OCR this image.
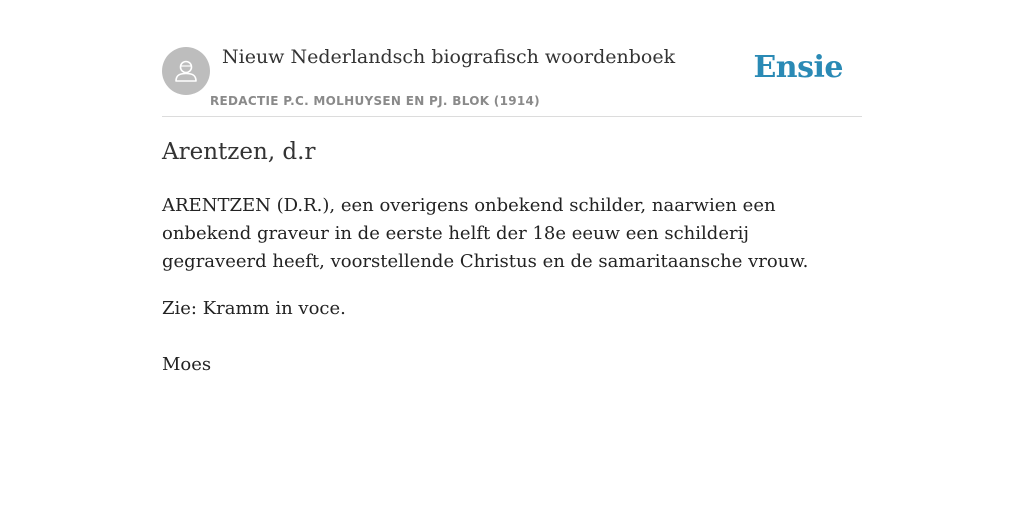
Nieuw Nederlandsch biografisch woordenboek
REDACTIE P.C. MOLHUYSEN EN PJ. BLOK (1914)
Ensie
Arentzen, d.r

ARENTZEN (D.R.), een overigens onbekend schilder, naarwien een onbekend graveur in de eerste helft der 18e eeuw een schilderij gegraveerd heeft, voorstellende Christus en de samaritaansche vrouw.

Zie: Kramm in voce.

Moes
